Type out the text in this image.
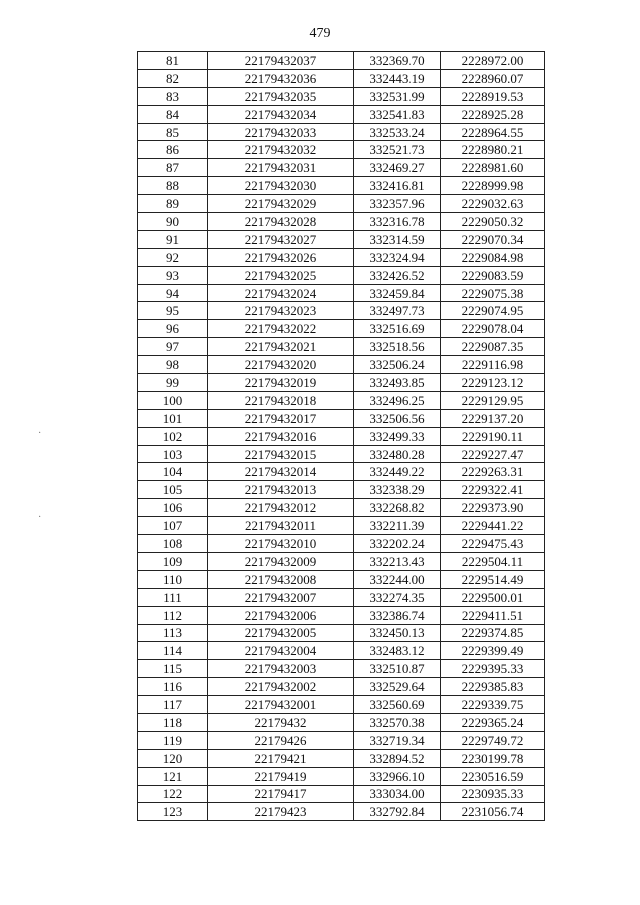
479
·
·
81	22179432037	332369.70	2228972.00
82	22179432036	332443.19	2228960.07
83	22179432035	332531.99	2228919.53
84	22179432034	332541.83	2228925.28
85	22179432033	332533.24	2228964.55
86	22179432032	332521.73	2228980.21
87	22179432031	332469.27	2228981.60
88	22179432030	332416.81	2228999.98
89	22179432029	332357.96	2229032.63
90	22179432028	332316.78	2229050.32
91	22179432027	332314.59	2229070.34
92	22179432026	332324.94	2229084.98
93	22179432025	332426.52	2229083.59
94	22179432024	332459.84	2229075.38
95	22179432023	332497.73	2229074.95
96	22179432022	332516.69	2229078.04
97	22179432021	332518.56	2229087.35
98	22179432020	332506.24	2229116.98
99	22179432019	332493.85	2229123.12
100	22179432018	332496.25	2229129.95
101	22179432017	332506.56	2229137.20
102	22179432016	332499.33	2229190.11
103	22179432015	332480.28	2229227.47
104	22179432014	332449.22	2229263.31
105	22179432013	332338.29	2229322.41
106	22179432012	332268.82	2229373.90
107	22179432011	332211.39	2229441.22
108	22179432010	332202.24	2229475.43
109	22179432009	332213.43	2229504.11
110	22179432008	332244.00	2229514.49
111	22179432007	332274.35	2229500.01
112	22179432006	332386.74	2229411.51
113	22179432005	332450.13	2229374.85
114	22179432004	332483.12	2229399.49
115	22179432003	332510.87	2229395.33
116	22179432002	332529.64	2229385.83
117	22179432001	332560.69	2229339.75
118	22179432	332570.38	2229365.24
119	22179426	332719.34	2229749.72
120	22179421	332894.52	2230199.78
121	22179419	332966.10	2230516.59
122	22179417	333034.00	2230935.33
123	22179423	332792.84	2231056.74
